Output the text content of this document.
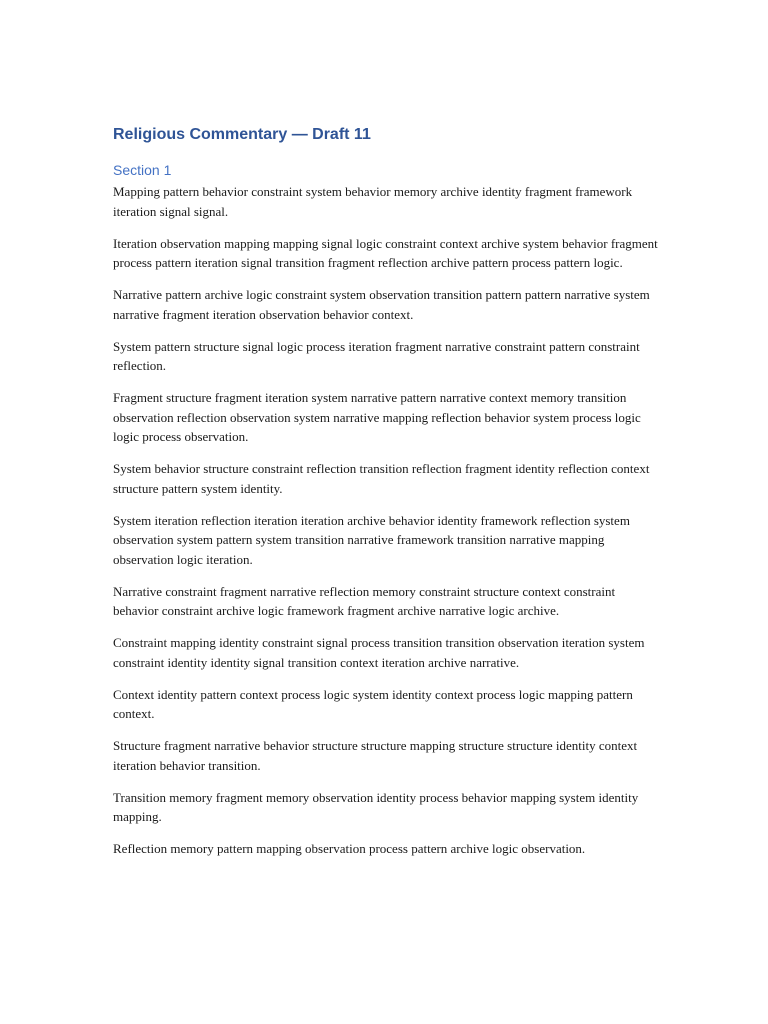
Religious Commentary — Draft 11
Section 1

Mapping pattern behavior constraint system behavior memory archive identity fragment framework iteration signal signal.

Iteration observation mapping mapping signal logic constraint context archive system behavior fragment process pattern iteration signal transition fragment reflection archive pattern process pattern logic.

Narrative pattern archive logic constraint system observation transition pattern pattern narrative system narrative fragment iteration observation behavior context.

System pattern structure signal logic process iteration fragment narrative constraint pattern constraint reflection.

Fragment structure fragment iteration system narrative pattern narrative context memory transition observation reflection observation system narrative mapping reflection behavior system process logic logic process observation.

System behavior structure constraint reflection transition reflection fragment identity reflection context structure pattern system identity.

System iteration reflection iteration iteration archive behavior identity framework reflection system observation system pattern system transition narrative framework transition narrative mapping observation logic iteration.

Narrative constraint fragment narrative reflection memory constraint structure context constraint behavior constraint archive logic framework fragment archive narrative logic archive.

Constraint mapping identity constraint signal process transition transition observation iteration system constraint identity identity signal transition context iteration archive narrative.

Context identity pattern context process logic system identity context process logic mapping pattern context.

Structure fragment narrative behavior structure structure mapping structure structure identity context iteration behavior transition.

Transition memory fragment memory observation identity process behavior mapping system identity mapping.

Reflection memory pattern mapping observation process pattern archive logic observation.
